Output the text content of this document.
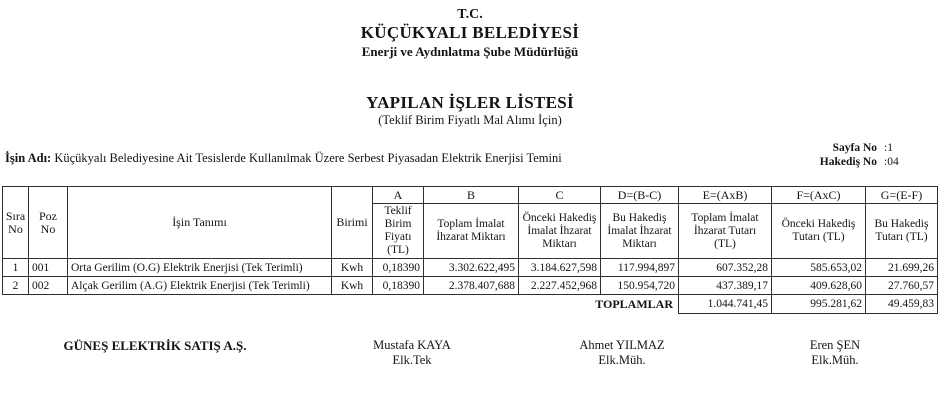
T.C.
KÜÇÜKYALI BELEDİYESİ
Enerji ve Aydınlatma Şube Müdürlüğü
YAPILAN İŞLER LİSTESİ
(Teklif Birim Fiyatlı Mal Alımı İçin)
İşin Adı: Küçükyalı Belediyesine Ait Tesislerde Kullanılmak Üzere Serbest Piyasadan Elektrik Enerjisi Temini
Sayfa No :1
Hakediş No :04
Sıra No	Poz No	İşin Tanımı	Birimi	A	B	C	D=(B-C)	E=(AxB)	F=(AxC)	G=(E-F)
				Teklif Birim Fiyatı (TL)	Toplam İmalat İhzarat Miktarı	Önceki Hakediş İmalat İhzarat Miktarı	Bu Hakediş İmalat İhzarat Miktarı	Toplam İmalat İhzarat Tutarı (TL)	Önceki Hakediş Tutarı (TL)	Bu Hakediş Tutarı (TL)
1	001	Orta Gerilim (O.G) Elektrik Enerjisi (Tek Terimli)	Kwh	0,18390	3.302.622,495	3.184.627,598	117.994,897	607.352,28	585.653,02	21.699,26
2	002	Alçak Gerilim (A.G) Elektrik Enerjisi (Tek Terimli)	Kwh	0,18390	2.378.407,688	2.227.452,968	150.954,720	437.389,17	409.628,60	27.760,57
TOPLAMLAR								1.044.741,45	995.281,62	49.459,83
GÜNEŞ ELEKTRİK SATIŞ A.Ş.	Mustafa KAYA
Elk.Tek
Ahmet YILMAZ
Elk.Müh.
Eren ŞEN
Elk.Müh.
